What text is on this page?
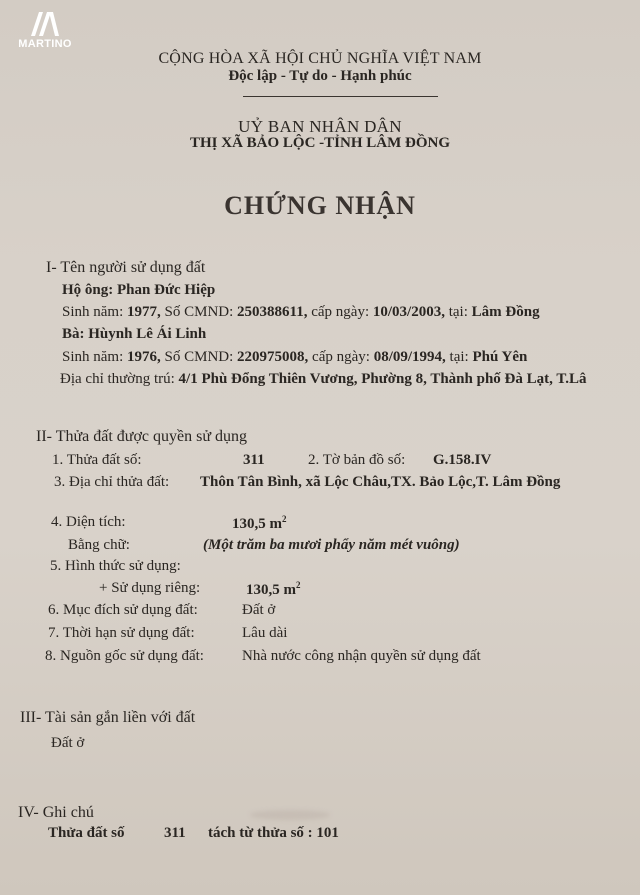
MARTINO
CỘNG HÒA XÃ HỘI CHỦ NGHĨA VIỆT NAM
Độc lập - Tự do - Hạnh phúc
UỶ BAN NHÂN DÂN
THỊ XÃ BẢO LỘC -TỈNH LÂM ĐỒNG
CHỨNG NHẬN
I- Tên người sử dụng đất
Hộ ông: Phan Đức Hiệp
Sinh năm: 1977, Số CMND: 250388611, cấp ngày: 10/03/2003, tại: Lâm Đồng
Bà: Hùynh Lê Ái Linh
Sinh năm: 1976, Số CMND: 220975008, cấp ngày: 08/09/1994, tại: Phú Yên
Địa chỉ thường trú: 4/1 Phù Đổng Thiên Vương, Phường 8, Thành phố Đà Lạt, T.Lâ
II- Thửa đất được quyền sử dụng
1. Thửa đất số:	311	2. Tờ bản đồ số: G.158.IV
3. Địa chỉ thửa đất: Thôn Tân Bình, xã Lộc Châu,TX. Bảo Lộc,T. Lâm Đồng
4. Diện tích:	130,5 $m^2$
Bằng chữ:	(Một trăm ba mươi phẩy năm mét vuông)
5. Hình thức sử dụng:
+ Sử dụng riêng:	130,5 $m^2$
6. Mục đích sử dụng đất:	Đất ở
7. Thời hạn sử dụng đất:	Lâu dài
8. Nguồn gốc sử dụng đất:	Nhà nước công nhận quyền sử dụng đất
III- Tài sản gắn liền với đất
Đất ở
IV- Ghi chú
Thửa đất số	311 tách từ thửa số : 101
